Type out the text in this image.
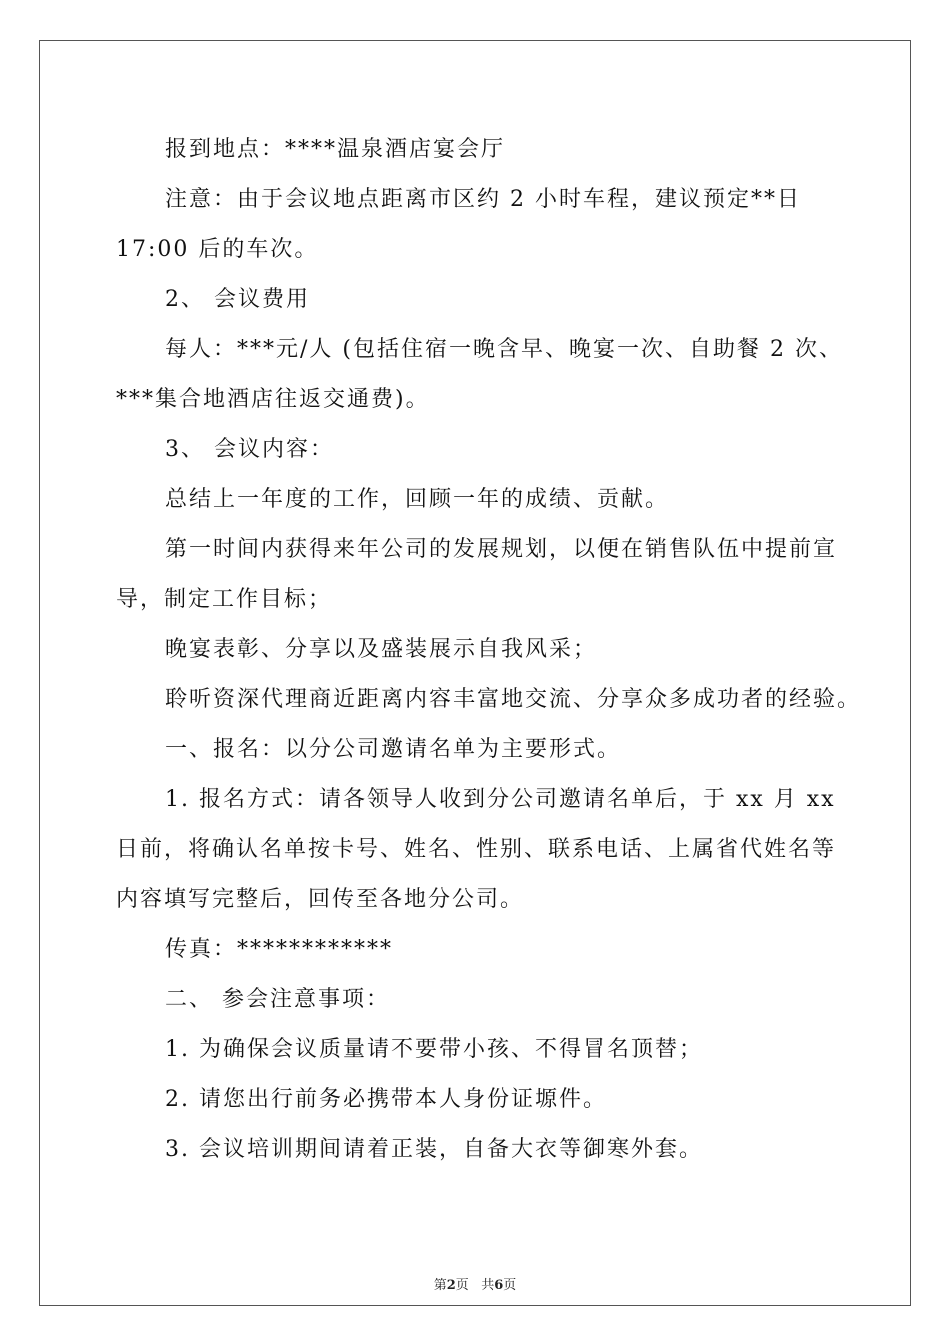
报到地点：****温泉酒店宴会厅
注意：由于会议地点距离市区约 2 小时车程，建议预定**日
17:00 后的车次。
2、 会议费用
每人：***元/人 (包括住宿一晚含早、晚宴一次、自助餐 2 次、
***集合地酒店往返交通费)。
3、 会议内容：
总结上一年度的工作，回顾一年的成绩、贡献。
第一时间内获得来年公司的发展规划，以便在销售队伍中提前宣
导，制定工作目标；
晚宴表彰、分享以及盛装展示自我风采；
聆听资深代理商近距离内容丰富地交流、分享众多成功者的经验。
一、报名：以分公司邀请名单为主要形式。
1. 报名方式：请各领导人收到分公司邀请名单后，于 xx 月 xx
日前，将确认名单按卡号、姓名、性别、联系电话、上属省代姓名等
内容填写完整后，回传至各地分公司。
传真：************
二、 参会注意事项：
1. 为确保会议质量请不要带小孩、不得冒名顶替；
2. 请您出行前务必携带本人身份证塬件。
3. 会议培训期间请着正装，自备大衣等御寒外套。
第2页 共6页
